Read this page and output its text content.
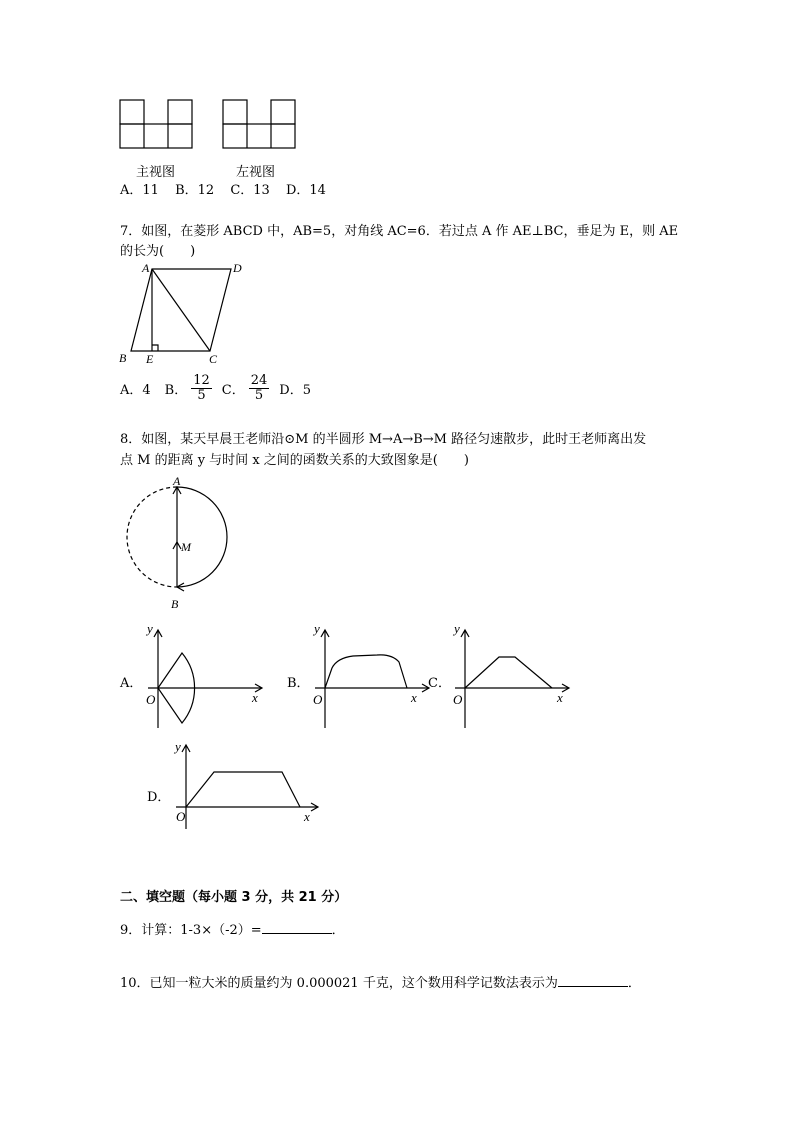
主视图	左视图
A．11 B．12 C．13 D．14
7．如图，在菱形 ABCD 中，AB=5，对角线 AC=6．若过点 A 作 AE⊥BC，垂足为 E，则 AE
的长为(　　)
A	D
B E	C
A．4 B． $\frac{12}{5}$ C． $\frac{24}{5}$ D．5
8．如图，某天早晨王老师沿⊙M 的半圆形 M→A→B→M 路径匀速散步，此时王老师离出发
点 M 的距离 y 与时间 x 之间的函数关系的大致图象是(　　)
A
M
B
A．
y
x
O
B．
y
x
O
C．
y
x
O
D．
y
x
O
二、填空题（每小题 3 分，共 21 分）
9．计算：1-3×（-2）=	．
10．已知一粒大米的质量约为 0.000021 千克，这个数用科学记数法表示为	．
